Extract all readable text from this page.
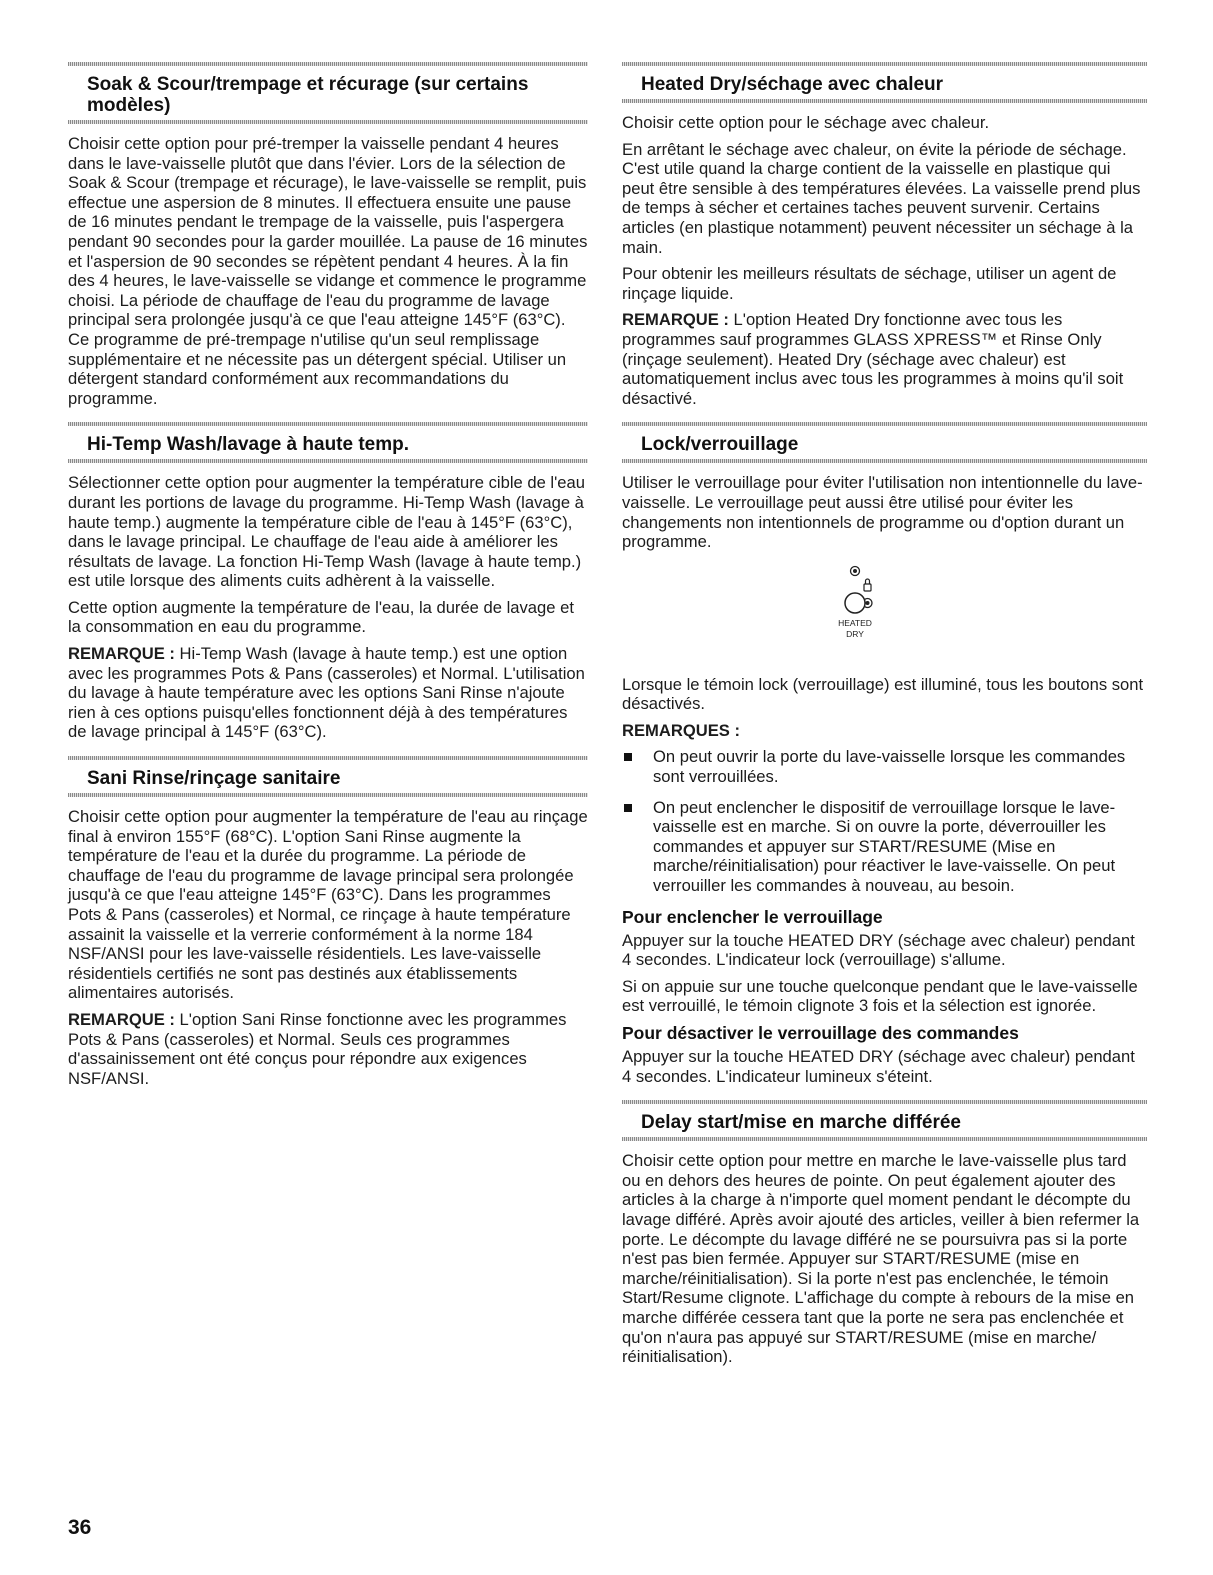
Soak & Scour/trempage et récurage (sur certains modèles)

Choisir cette option pour pré-tremper la vaisselle pendant 4 heures dans le lave-vaisselle plutôt que dans l'évier. Lors de la sélection de Soak & Scour (trempage et récurage), le lave-vaisselle se remplit, puis effectue une aspersion de 8 minutes. Il effectuera ensuite une pause de 16 minutes pendant le trempage de la vaisselle, puis l'aspergera pendant 90 secondes pour la garder mouillée. La pause de 16 minutes et l'aspersion de 90 secondes se répètent pendant 4 heures. À la fin des 4 heures, le lave-vaisselle se vidange et commence le programme choisi. La période de chauffage de l'eau du programme de lavage principal sera prolongée jusqu'à ce que l'eau atteigne 145°F (63°C). Ce programme de pré-trempage n'utilise qu'un seul remplissage supplémentaire et ne nécessite pas un détergent spécial. Utiliser un détergent standard conformément aux recommandations du programme.

Hi-Temp Wash/lavage à haute temp.

Sélectionner cette option pour augmenter la température cible de l'eau durant les portions de lavage du programme. Hi-Temp Wash (lavage à haute temp.) augmente la température cible de l'eau à 145°F (63°C), dans le lavage principal. Le chauffage de l'eau aide à améliorer les résultats de lavage. La fonction Hi-Temp Wash (lavage à haute temp.) est utile lorsque des aliments cuits adhèrent à la vaisselle.

Cette option augmente la température de l'eau, la durée de lavage et la consommation en eau du programme.

REMARQUE : Hi-Temp Wash (lavage à haute temp.) est une option avec les programmes Pots & Pans (casseroles) et Normal. L'utilisation du lavage à haute température avec les options Sani Rinse n'ajoute rien à ces options puisqu'elles fonctionnent déjà à des températures de lavage principal à 145°F (63°C).

Sani Rinse/rinçage sanitaire

Choisir cette option pour augmenter la température de l'eau au rinçage final à environ 155°F (68°C). L'option Sani Rinse augmente la température de l'eau et la durée du programme. La période de chauffage de l'eau du programme de lavage principal sera prolongée jusqu'à ce que l'eau atteigne 145°F (63°C). Dans les programmes Pots & Pans (casseroles) et Normal, ce rinçage à haute température assainit la vaisselle et la verrerie conformément à la norme 184 NSF/ANSI pour les lave-vaisselle résidentiels. Les lave-vaisselle résidentiels certifiés ne sont pas destinés aux établissements alimentaires autorisés.

REMARQUE : L'option Sani Rinse fonctionne avec les programmes Pots & Pans (casseroles) et Normal. Seuls ces programmes d'assainissement ont été conçus pour répondre aux exigences NSF/ANSI.

Heated Dry/séchage avec chaleur

Choisir cette option pour le séchage avec chaleur.

En arrêtant le séchage avec chaleur, on évite la période de séchage. C'est utile quand la charge contient de la vaisselle en plastique qui peut être sensible à des températures élevées. La vaisselle prend plus de temps à sécher et certaines taches peuvent survenir. Certains articles (en plastique notamment) peuvent nécessiter un séchage à la main.

Pour obtenir les meilleurs résultats de séchage, utiliser un agent de rinçage liquide.

REMARQUE : L'option Heated Dry fonctionne avec tous les programmes sauf programmes GLASS XPRESS™ et Rinse Only (rinçage seulement). Heated Dry (séchage avec chaleur) est automatiquement inclus avec tous les programmes à moins qu'il soit désactivé.

Lock/verrouillage

Utiliser le verrouillage pour éviter l'utilisation non intentionnelle du lave-vaisselle. Le verrouillage peut aussi être utilisé pour éviter les changements non intentionnels de programme ou d'option durant un programme.

HEATED
DRY

Lorsque le témoin lock (verrouillage) est illuminé, tous les boutons sont désactivés.

REMARQUES :

On peut ouvrir la porte du lave-vaisselle lorsque les commandes sont verrouillées.
On peut enclencher le dispositif de verrouillage lorsque le lave-vaisselle est en marche. Si on ouvre la porte, déverrouiller les commandes et appuyer sur START/RESUME (Mise en marche/réinitialisation) pour réactiver le lave-vaisselle. On peut verrouiller les commandes à nouveau, au besoin.
Pour enclencher le verrouillage

Appuyer sur la touche HEATED DRY (séchage avec chaleur) pendant 4 secondes. L'indicateur lock (verrouillage) s'allume.

Si on appuie sur une touche quelconque pendant que le lave-vaisselle est verrouillé, le témoin clignote 3 fois et la sélection est ignorée.

Pour désactiver le verrouillage des commandes

Appuyer sur la touche HEATED DRY (séchage avec chaleur) pendant 4 secondes. L'indicateur lumineux s'éteint.

Delay start/mise en marche différée

Choisir cette option pour mettre en marche le lave-vaisselle plus tard ou en dehors des heures de pointe. On peut également ajouter des articles à la charge à n'importe quel moment pendant le décompte du lavage différé. Après avoir ajouté des articles, veiller à bien refermer la porte. Le décompte du lavage différé ne se poursuivra pas si la porte n'est pas bien fermée. Appuyer sur START/RESUME (mise en marche/réinitialisation). Si la porte n'est pas enclenchée, le témoin Start/Resume clignote. L'affichage du compte à rebours de la mise en marche différée cessera tant que la porte ne sera pas enclenchée et qu'on n'aura pas appuyé sur START/RESUME (mise en marche/ réinitialisation).

36
